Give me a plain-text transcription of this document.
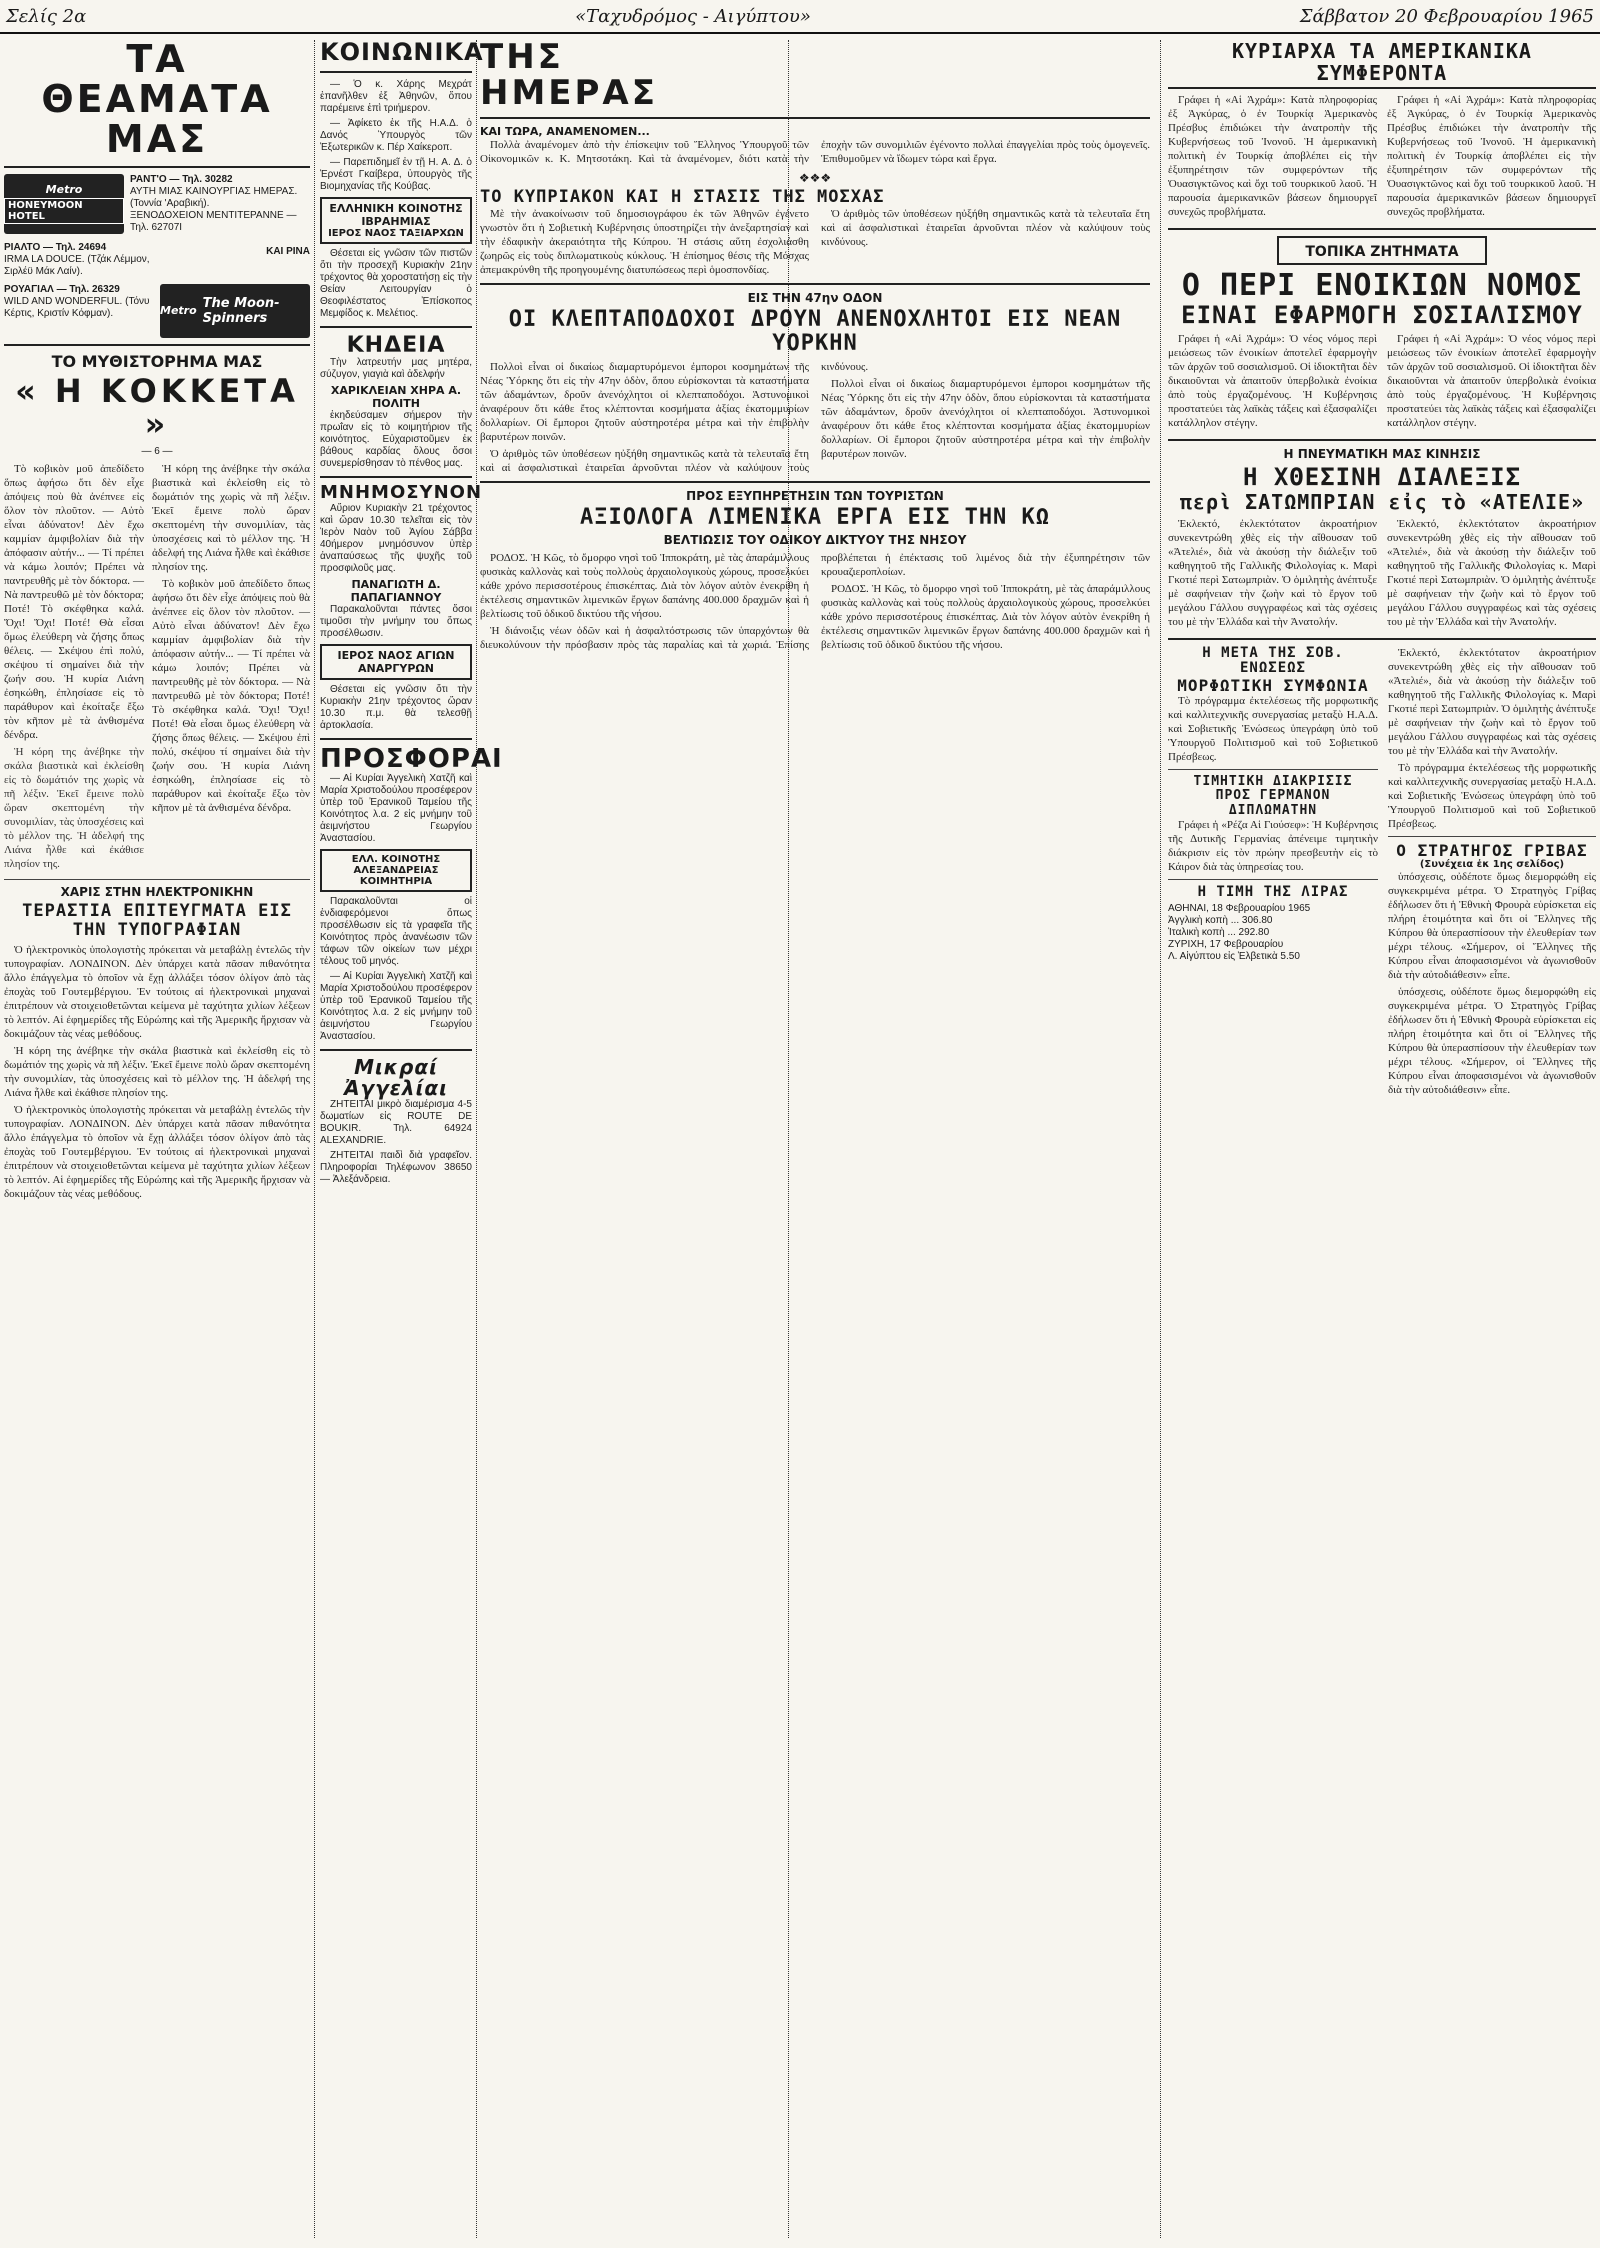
Σελίς 2α	«Ταχυδρόμος - Αιγύπτου»	Σάββατον 20 Φεβρουαρίου 1965
ΤΑ ΘΕΑΜΑΤΑ ΜΑΣ
Metro
HONEYMOON HOTEL
ΡΑΝΤ'Ο — Τηλ. 30282
ΑΥΤΗ ΜΙΑΣ ΚΑΙΝΟΥΡΓΙΑΣ ΗΜΕΡΑΣ. (Τοννία 'Αραβική).
ΞΕΝΟΔΟΧΕΙΟΝ ΜΕΝΤΙΤΕΡΑΝΝΕ — Τηλ. 62707Ι
ΡΙΑΛΤΟ — Τηλ. 24694
IRMA LA DOUCE. (Τζάκ Λέμμον, Σιρλέϋ Μάκ Λαίν).
ΚΑΙ ΡΙΝΑ
ΡΟΥΑΓΙΑΛ — Τηλ. 26329
WILD AND WONDERFUL. (Τόνυ Κέρτις, Κριστίν Κόφμαν).	Metro The Moon-Spinners
ΤΟ ΜΥΘΙΣΤΟΡΗΜΑ ΜΑΣ
« Η ΚΟΚΚΕΤΑ »
— 6 —

Τὸ κοβικὸν μοῦ ἀπεδίδετο ὅπως ἀφήσω ὅτι δὲν εἶχε ἀπόψεις ποὺ θὰ ἀνέπνεε εἰς ὅλον τὸν πλοῦτον. — Αὐτὸ εἶναι ἀδύνατον! Δὲν ἔχω καμμίαν ἀμφιβολίαν διὰ τὴν ἀπόφασιν αὐτήν... — Τί πρέπει νὰ κάμω λοιπόν; Πρέπει νὰ παντρευθῆς μὲ τὸν δόκτορα. — Νὰ παντρευθῶ μὲ τὸν δόκτορα; Ποτέ! Τὸ σκέφθηκα καλά. Ὄχι! Ὄχι! Ποτέ! Θὰ εἶσαι ὅμως ἐλεύθερη νὰ ζήσης ὅπως θέλεις. — Σκέψου ἐπὶ πολύ, σκέψου τί σημαίνει διὰ τὴν ζωήν σου. Ἡ κυρία Λιάνη ἐσηκώθη, ἐπλησίασε εἰς τὸ παράθυρον καὶ ἐκοίταξε ἔξω τὸν κῆπον μὲ τὰ ἀνθισμένα δένδρα.

Ἡ κόρη της ἀνέβηκε τὴν σκάλα βιαστικὰ καὶ ἐκλείσθη εἰς τὸ δωμάτιόν της χωρὶς νὰ πῆ λέξιν. Ἐκεῖ ἔμεινε πολὺ ὥραν σκεπτομένη τὴν συνομιλίαν, τὰς ὑποσχέσεις καὶ τὸ μέλλον της. Ἡ ἀδελφή της Λιάνα ἦλθε καὶ ἐκάθισε πλησίον της.

Ἡ κόρη της ἀνέβηκε τὴν σκάλα βιαστικὰ καὶ ἐκλείσθη εἰς τὸ δωμάτιόν της χωρὶς νὰ πῆ λέξιν. Ἐκεῖ ἔμεινε πολὺ ὥραν σκεπτομένη τὴν συνομιλίαν, τὰς ὑποσχέσεις καὶ τὸ μέλλον της. Ἡ ἀδελφή της Λιάνα ἦλθε καὶ ἐκάθισε πλησίον της.

Τὸ κοβικὸν μοῦ ἀπεδίδετο ὅπως ἀφήσω ὅτι δὲν εἶχε ἀπόψεις ποὺ θὰ ἀνέπνεε εἰς ὅλον τὸν πλοῦτον. — Αὐτὸ εἶναι ἀδύνατον! Δὲν ἔχω καμμίαν ἀμφιβολίαν διὰ τὴν ἀπόφασιν αὐτήν... — Τί πρέπει νὰ κάμω λοιπόν; Πρέπει νὰ παντρευθῆς μὲ τὸν δόκτορα. — Νὰ παντρευθῶ μὲ τὸν δόκτορα; Ποτέ! Τὸ σκέφθηκα καλά. Ὄχι! Ὄχι! Ποτέ! Θὰ εἶσαι ὅμως ἐλεύθερη νὰ ζήσης ὅπως θέλεις. — Σκέψου ἐπὶ πολύ, σκέψου τί σημαίνει διὰ τὴν ζωήν σου. Ἡ κυρία Λιάνη ἐσηκώθη, ἐπλησίασε εἰς τὸ παράθυρον καὶ ἐκοίταξε ἔξω τὸν κῆπον μὲ τὰ ἀνθισμένα δένδρα.

ΧΑΡΙΣ ΣΤΗΝ ΗΛΕΚΤΡΟΝΙΚΗΝ
ΤΕΡΑΣΤΙΑ ΕΠΙΤΕΥΓΜΑΤΑ ΕΙΣ ΤΗΝ ΤΥΠΟΓΡΑΦΙΑΝ

Ὁ ἠλεκτρονικὸς ὑπολογιστὴς πρόκειται νὰ μεταβάλῃ ἐντελῶς τὴν τυπογραφίαν. ΛΟΝΔΙΝΟΝ. Δὲν ὑπάρχει κατὰ πᾶσαν πιθανότητα ἄλλο ἐπάγγελμα τὸ ὁποῖον νὰ ἔχῃ ἀλλάξει τόσον ὀλίγον ἀπὸ τὰς ἐποχὰς τοῦ Γουτεμβέργιου. Ἐν τούτοις αἱ ἠλεκτρονικαὶ μηχαναὶ ἐπιτρέπουν νὰ στοιχειοθετῶνται κείμενα μὲ ταχύτητα χιλίων λέξεων τὸ λεπτόν. Αἱ ἐφημερίδες τῆς Εὐρώπης καὶ τῆς Ἀμερικῆς ἤρχισαν νὰ δοκιμάζουν τὰς νέας μεθόδους.

Ἡ κόρη της ἀνέβηκε τὴν σκάλα βιαστικὰ καὶ ἐκλείσθη εἰς τὸ δωμάτιόν της χωρὶς νὰ πῆ λέξιν. Ἐκεῖ ἔμεινε πολὺ ὥραν σκεπτομένη τὴν συνομιλίαν, τὰς ὑποσχέσεις καὶ τὸ μέλλον της. Ἡ ἀδελφή της Λιάνα ἦλθε καὶ ἐκάθισε πλησίον της.

Ὁ ἠλεκτρονικὸς ὑπολογιστὴς πρόκειται νὰ μεταβάλῃ ἐντελῶς τὴν τυπογραφίαν. ΛΟΝΔΙΝΟΝ. Δὲν ὑπάρχει κατὰ πᾶσαν πιθανότητα ἄλλο ἐπάγγελμα τὸ ὁποῖον νὰ ἔχῃ ἀλλάξει τόσον ὀλίγον ἀπὸ τὰς ἐποχὰς τοῦ Γουτεμβέργιου. Ἐν τούτοις αἱ ἠλεκτρονικαὶ μηχαναὶ ἐπιτρέπουν νὰ στοιχειοθετῶνται κείμενα μὲ ταχύτητα χιλίων λέξεων τὸ λεπτόν. Αἱ ἐφημερίδες τῆς Εὐρώπης καὶ τῆς Ἀμερικῆς ἤρχισαν νὰ δοκιμάζουν τὰς νέας μεθόδους.

ΚΟΙΝΩΝΙΚΑ

— Ὁ κ. Χάρης Μεχράτ ἐπανῆλθεν ἐξ Ἀθηνῶν, ὅπου παρέμεινε ἐπὶ τριήμερον.

— Ἀφίκετο ἐκ τῆς Η.Α.Δ. ὁ Δανός Ὑπουργὸς τῶν Ἐξωτερικῶν κ. Πέρ Χαίκεροπ.

— Παρεπιδημεῖ ἐν τῇ Η. Α. Δ. ὁ Ἐρνέστ Γκαίβερα, ὑπουργὸς τῆς Βιομηχανίας τῆς Κούβας.

ΕΛΛΗΝΙΚΗ ΚΟΙΝΟΤΗΣ ΙΒΡΑΗΜΙΑΣ
ΙΕΡΟΣ ΝΑΟΣ ΤΑΞΙΑΡΧΩΝ

Θέσεται εἰς γνῶσιν τῶν πιστῶν ὅτι τὴν προσεχῆ Κυριακὴν 21ην τρέχοντος θὰ χοροστατήσῃ εἰς τὴν Θείαν Λειτουργίαν ὁ Θεοφιλέστατος Ἐπίσκοπος Μεμφίδος κ. Μελέτιος.

ΚΗΔΕΙΑ

Τὴν λατρευτήν μας μητέρα, σύζυγον, γιαγιὰ καὶ ἀδελφήν

ΧΑΡΙΚΛΕΙΑΝ ΧΗΡΑ Α. ΠΟΛΙΤΗ

ἐκηδεύσαμεν σήμερον τὴν πρωΐαν εἰς τὸ κοιμητήριον τῆς κοινότητος. Εὐχαριστοῦμεν ἐκ βάθους καρδίας ὅλους ὅσοι συνεμερίσθησαν τὸ πένθος μας.

ΜΝΗΜΟΣΥΝΟΝ

Αὔριον Κυριακὴν 21 τρέχοντος καὶ ὥραν 10.30 τελεῖται εἰς τὸν Ἱερὸν Ναὸν τοῦ Ἁγίου Σάββα 40ήμερον μνημόσυνον ὑπὲρ ἀναπαύσεως τῆς ψυχῆς τοῦ προσφιλοῦς μας.

ΠΑΝΑΓΙΩΤΗ Δ. ΠΑΠΑΓΙΑΝΝΟΥ

Παρακαλοῦνται πάντες ὅσοι τιμοῦσι τὴν μνήμην του ὅπως προσέλθωσιν.

ΙΕΡΟΣ ΝΑΟΣ ΑΓΙΩΝ ΑΝΑΡΓΥΡΩΝ

Θέσεται εἰς γνῶσιν ὅτι τὴν Κυριακὴν 21ην τρέχοντος ὥραν 10.30 π.μ. θὰ τελεσθῇ ἀρτοκλασία.

ΠΡΟΣΦΟΡΑΙ

— Αἱ Κυρίαι Ἀγγελικὴ Χατζῆ καὶ Μαρία Χριστοδούλου προσέφερον ὑπὲρ τοῦ Ἐρανικοῦ Ταμείου τῆς Κοινότητος λ.α. 2 εἰς μνήμην τοῦ ἀειμνήστου Γεωργίου Ἀναστασίου.

ΕΛΛ. ΚΟΙΝΟΤΗΣ ΑΛΕΞΑΝΔΡΕΙΑΣ
ΚΟΙΜΗΤΗΡΙΑ

Παρακαλοῦνται οἱ ἐνδιαφερόμενοι ὅπως προσέλθωσιν εἰς τὰ γραφεῖα τῆς Κοινότητος πρὸς ἀνανέωσιν τῶν τάφων τῶν οἰκείων των μέχρι τέλους τοῦ μηνός.

— Αἱ Κυρίαι Ἀγγελικὴ Χατζῆ καὶ Μαρία Χριστοδούλου προσέφερον ὑπὲρ τοῦ Ἐρανικοῦ Ταμείου τῆς Κοινότητος λ.α. 2 εἰς μνήμην τοῦ ἀειμνήστου Γεωργίου Ἀναστασίου.

Μικραί Ἀγγελίαι

ΖΗΤΕΙΤΑΙ μικρὸ διαμέρισμα 4-5 δωματίων εἰς ROUTE DE BOUKIR. Τηλ. 64924 ALEXANDRIE.

ΖΗΤΕΙΤΑΙ παιδὶ διὰ γραφεῖον. Πληροφορίαι Τηλέφωνον 38650 — Ἀλεξάνδρεια.

ΤΗΣ ΗΜΕΡΑΣ
ΚΑΙ ΤΩΡΑ, ΑΝΑΜΕΝΟΜΕΝ...

Πολλὰ ἀναμένομεν ἀπὸ τὴν ἐπίσκεψιν τοῦ Ἕλληνος Ὑπουργοῦ τῶν Οἰκονομικῶν κ. Κ. Μητσοτάκη. Καὶ τὰ ἀναμένομεν, διότι κατὰ τὴν ἐποχὴν τῶν συνομιλιῶν ἐγένοντο πολλαὶ ἐπαγγελίαι πρὸς τοὺς ὁμογενεῖς. Ἐπιθυμοῦμεν νὰ ἴδωμεν τώρα καὶ ἔργα.

❖❖❖
ΤΟ ΚΥΠΡΙΑΚΟΝ ΚΑΙ Η ΣΤΑΣΙΣ ΤΗΣ ΜΟΣΧΑΣ

Μὲ τὴν ἀνακοίνωσιν τοῦ δημοσιογράφου ἐκ τῶν Ἀθηνῶν ἐγένετο γνωστὸν ὅτι ἡ Σοβιετικὴ Κυβέρνησις ὑποστηρίζει τὴν ἀνεξαρτησίαν καὶ τὴν ἐδαφικὴν ἀκεραιότητα τῆς Κύπρου. Ἡ στάσις αὕτη ἐσχολιάσθη ζωηρῶς εἰς τοὺς διπλωματικοὺς κύκλους. Ἡ ἐπίσημος θέσις τῆς Μόσχας ἀπεμακρύνθη τῆς προηγουμένης διατυπώσεως περὶ ὁμοσπονδίας.

Ὁ ἀριθμὸς τῶν ὑποθέσεων ηὐξήθη σημαντικῶς κατὰ τὰ τελευταῖα ἔτη καὶ αἱ ἀσφαλιστικαὶ ἑταιρεῖαι ἀρνοῦνται πλέον νὰ καλύψουν τοὺς κινδύνους.

ΕΙΣ ΤΗΝ 47ην ΟΔΟΝ
ΟΙ ΚΛΕΠΤΑΠΟΔΟΧΟΙ ΔΡΟΥΝ ΑΝΕΝΟΧΛΗΤΟΙ ΕΙΣ ΝΕΑΝ ΥΟΡΚΗΝ

Πολλοὶ εἶναι οἱ δικαίως διαμαρτυρόμενοι ἐμποροι κοσμημάτων τῆς Νέας Ὑόρκης ὅτι εἰς τὴν 47ην ὁδὸν, ὅπου εὑρίσκονται τὰ καταστήματα τῶν ἀδαμάντων, δροῦν ἀνενόχλητοι οἱ κλεπταποδόχοι. Ἀστυνομικοὶ ἀναφέρουν ὅτι κάθε ἔτος κλέπτονται κοσμήματα ἀξίας ἑκατομμυρίων δολλαρίων. Οἱ ἔμποροι ζητοῦν αὐστηροτέρα μέτρα καὶ τὴν ἐπιβολὴν βαρυτέρων ποινῶν.

Ὁ ἀριθμὸς τῶν ὑποθέσεων ηὐξήθη σημαντικῶς κατὰ τὰ τελευταῖα ἔτη καὶ αἱ ἀσφαλιστικαὶ ἑταιρεῖαι ἀρνοῦνται πλέον νὰ καλύψουν τοὺς κινδύνους.

Πολλοὶ εἶναι οἱ δικαίως διαμαρτυρόμενοι ἐμποροι κοσμημάτων τῆς Νέας Ὑόρκης ὅτι εἰς τὴν 47ην ὁδὸν, ὅπου εὑρίσκονται τὰ καταστήματα τῶν ἀδαμάντων, δροῦν ἀνενόχλητοι οἱ κλεπταποδόχοι. Ἀστυνομικοὶ ἀναφέρουν ὅτι κάθε ἔτος κλέπτονται κοσμήματα ἀξίας ἑκατομμυρίων δολλαρίων. Οἱ ἔμποροι ζητοῦν αὐστηροτέρα μέτρα καὶ τὴν ἐπιβολὴν βαρυτέρων ποινῶν.

ΠΡΟΣ ΕΞΥΠΗΡΕΤΗΣΙΝ ΤΩΝ ΤΟΥΡΙΣΤΩΝ
ΑΞΙΟΛΟΓΑ ΛΙΜΕΝΙΚΑ ΕΡΓΑ ΕΙΣ ΤΗΝ ΚΩ
ΒΕΛΤΙΩΣΙΣ ΤΟΥ ΟΔΙΚΟΥ ΔΙΚΤΥΟΥ ΤΗΣ ΝΗΣΟΥ

ΡΟΔΟΣ. Ἡ Κῶς, τὸ ὄμορφο νησὶ τοῦ Ἱπποκράτη, μὲ τὰς ἀπαράμιλλους φυσικὰς καλλονὰς καὶ τοὺς πολλοὺς ἀρχαιολογικοὺς χώρους, προσελκύει κάθε χρόνο περισσοτέρους ἐπισκέπτας. Διὰ τὸν λόγον αὐτὸν ἐνεκρίθη ἡ ἐκτέλεσις σημαντικῶν λιμενικῶν ἔργων δαπάνης 400.000 δραχμῶν καὶ ἡ βελτίωσις τοῦ ὁδικοῦ δικτύου τῆς νήσου.

Ἡ διάνοιξις νέων ὁδῶν καὶ ἡ ἀσφαλτόστρωσις τῶν ὑπαρχόντων θὰ διευκολύνουν τὴν πρόσβασιν πρὸς τὰς παραλίας καὶ τὰ χωριά. Ἐπίσης προβλέπεται ἡ ἐπέκτασις τοῦ λιμένος διὰ τὴν ἐξυπηρέτησιν τῶν κρουαζιεροπλοίων.

ΡΟΔΟΣ. Ἡ Κῶς, τὸ ὄμορφο νησὶ τοῦ Ἱπποκράτη, μὲ τὰς ἀπαράμιλλους φυσικὰς καλλονὰς καὶ τοὺς πολλοὺς ἀρχαιολογικοὺς χώρους, προσελκύει κάθε χρόνο περισσοτέρους ἐπισκέπτας. Διὰ τὸν λόγον αὐτὸν ἐνεκρίθη ἡ ἐκτέλεσις σημαντικῶν λιμενικῶν ἔργων δαπάνης 400.000 δραχμῶν καὶ ἡ βελτίωσις τοῦ ὁδικοῦ δικτύου τῆς νήσου.

ΚΥΡΙΑΡΧΑ ΤΑ ΑΜΕΡΙΚΑΝΙΚΑ ΣΥΜΦΕΡΟΝΤΑ

Γράφει ἡ «Αἱ Ἀχράμ»: Κατὰ πληροφορίας ἐξ Ἀγκύρας, ὁ ἐν Τουρκίᾳ Ἀμερικανὸς Πρέσβυς ἐπιδιώκει τὴν ἀνατροπὴν τῆς Κυβερνήσεως τοῦ Ἰνονοῦ. Ἡ ἀμερικανικὴ πολιτικὴ ἐν Τουρκίᾳ ἀποβλέπει εἰς τὴν ἐξυπηρέτησιν τῶν συμφερόντων τῆς Ὀυασιγκτῶνος καὶ ὄχι τοῦ τουρκικοῦ λαοῦ. Ἡ παρουσία ἀμερικανικῶν βάσεων δημιουργεῖ συνεχῶς προβλήματα.

Γράφει ἡ «Αἱ Ἀχράμ»: Κατὰ πληροφορίας ἐξ Ἀγκύρας, ὁ ἐν Τουρκίᾳ Ἀμερικανὸς Πρέσβυς ἐπιδιώκει τὴν ἀνατροπὴν τῆς Κυβερνήσεως τοῦ Ἰνονοῦ. Ἡ ἀμερικανικὴ πολιτικὴ ἐν Τουρκίᾳ ἀποβλέπει εἰς τὴν ἐξυπηρέτησιν τῶν συμφερόντων τῆς Ὀυασιγκτῶνος καὶ ὄχι τοῦ τουρκικοῦ λαοῦ. Ἡ παρουσία ἀμερικανικῶν βάσεων δημιουργεῖ συνεχῶς προβλήματα.

ΤΟΠΙΚΑ ΖΗΤΗΜΑΤΑ
Ο ΠΕΡΙ ΕΝΟΙΚΙΩΝ ΝΟΜΟΣ
ΕΙΝΑΙ ΕΦΑΡΜΟΓΗ ΣΟΣΙΑΛΙΣΜΟΥ

Γράφει ἡ «Αἱ Ἀχράμ»: Ὁ νέος νόμος περὶ μειώσεως τῶν ἐνοικίων ἀποτελεῖ ἐφαρμογὴν τῶν ἀρχῶν τοῦ σοσιαλισμοῦ. Οἱ ἰδιοκτῆται δὲν δικαιοῦνται νὰ ἀπαιτοῦν ὑπερβολικὰ ἐνοίκια ἀπὸ τοὺς ἐργαζομένους. Ἡ Κυβέρνησις προστατεύει τὰς λαϊκὰς τάξεις καὶ ἐξασφαλίζει κατάλληλον στέγην.

Γράφει ἡ «Αἱ Ἀχράμ»: Ὁ νέος νόμος περὶ μειώσεως τῶν ἐνοικίων ἀποτελεῖ ἐφαρμογὴν τῶν ἀρχῶν τοῦ σοσιαλισμοῦ. Οἱ ἰδιοκτῆται δὲν δικαιοῦνται νὰ ἀπαιτοῦν ὑπερβολικὰ ἐνοίκια ἀπὸ τοὺς ἐργαζομένους. Ἡ Κυβέρνησις προστατεύει τὰς λαϊκὰς τάξεις καὶ ἐξασφαλίζει κατάλληλον στέγην.

Η ΠΝΕΥΜΑΤΙΚΗ ΜΑΣ ΚΙΝΗΣΙΣ
Η ΧΘΕΣΙΝΗ ΔΙΑΛΕΞΙΣ
περὶ ΣΑΤΩΜΠΡΙΑΝ εἰς τὸ «ΑΤΕΛΙΕ»

Ἐκλεκτό, ἐκλεκτότατον ἀκροατήριον συνεκεντρώθη χθὲς εἰς τὴν αἴθουσαν τοῦ «Ἀτελιέ», διὰ νὰ ἀκούσῃ τὴν διάλεξιν τοῦ καθηγητοῦ τῆς Γαλλικῆς Φιλολογίας κ. Μαρὶ Γκοτιέ περὶ Σατωμπριὰν. Ὁ ὁμιλητὴς ἀνέπτυξε μὲ σαφήνειαν τὴν ζωὴν καὶ τὸ ἔργον τοῦ μεγάλου Γάλλου συγγραφέως καὶ τὰς σχέσεις του μὲ τὴν Ἑλλάδα καὶ τὴν Ἀνατολήν.

Ἐκλεκτό, ἐκλεκτότατον ἀκροατήριον συνεκεντρώθη χθὲς εἰς τὴν αἴθουσαν τοῦ «Ἀτελιέ», διὰ νὰ ἀκούσῃ τὴν διάλεξιν τοῦ καθηγητοῦ τῆς Γαλλικῆς Φιλολογίας κ. Μαρὶ Γκοτιέ περὶ Σατωμπριὰν. Ὁ ὁμιλητὴς ἀνέπτυξε μὲ σαφήνειαν τὴν ζωὴν καὶ τὸ ἔργον τοῦ μεγάλου Γάλλου συγγραφέως καὶ τὰς σχέσεις του μὲ τὴν Ἑλλάδα καὶ τὴν Ἀνατολήν.

Η ΜΕΤΑ ΤΗΣ ΣΟΒ. ΕΝΩΣΕΩΣ
ΜΟΡΦΩΤΙΚΗ ΣΥΜΦΩΝΙΑ

Τὸ πρόγραμμα ἐκτελέσεως τῆς μορφωτικῆς καὶ καλλιτεχνικῆς συνεργασίας μεταξὺ Η.Α.Δ. καὶ Σοβιετικῆς Ἑνώσεως ὑπεγράφη ὑπὸ τοῦ Ὑπουργοῦ Πολιτισμοῦ καὶ τοῦ Σοβιετικοῦ Πρέσβεως.

ΤΙΜΗΤΙΚΗ ΔΙΑΚΡΙΣΙΣ
ΠΡΟΣ ΓΕΡΜΑΝΟΝ ΔΙΠΛΩΜΑΤΗΝ

Γράφει ἡ «Ρέζα Αἱ Γιούσεφ»: Ἡ Κυβέρνησις τῆς Δυτικῆς Γερμανίας ἀπένειμε τιμητικὴν διάκρισιν εἰς τὸν πρώην πρεσβευτὴν εἰς τὸ Κάιρον διὰ τὰς ὑπηρεσίας του.

Η ΤΙΜΗ ΤΗΣ ΛΙΡΑΣ
ΑΘΗΝΑΙ, 18 Φεβρουαρίου 1965
Ἀγγλικὴ κοπὴ ... 306.80
Ἰταλικὴ κοπὴ ... 292.80
ΖΥΡΙΧΗ, 17 Φεβρουαρίου
Λ. Αἰγύπτου εἰς Ἑλβετικὰ 5.50

Ἐκλεκτό, ἐκλεκτότατον ἀκροατήριον συνεκεντρώθη χθὲς εἰς τὴν αἴθουσαν τοῦ «Ἀτελιέ», διὰ νὰ ἀκούσῃ τὴν διάλεξιν τοῦ καθηγητοῦ τῆς Γαλλικῆς Φιλολογίας κ. Μαρὶ Γκοτιέ περὶ Σατωμπριὰν. Ὁ ὁμιλητὴς ἀνέπτυξε μὲ σαφήνειαν τὴν ζωὴν καὶ τὸ ἔργον τοῦ μεγάλου Γάλλου συγγραφέως καὶ τὰς σχέσεις του μὲ τὴν Ἑλλάδα καὶ τὴν Ἀνατολήν.

Τὸ πρόγραμμα ἐκτελέσεως τῆς μορφωτικῆς καὶ καλλιτεχνικῆς συνεργασίας μεταξὺ Η.Α.Δ. καὶ Σοβιετικῆς Ἑνώσεως ὑπεγράφη ὑπὸ τοῦ Ὑπουργοῦ Πολιτισμοῦ καὶ τοῦ Σοβιετικοῦ Πρέσβεως.

Ο ΣΤΡΑΤΗΓΟΣ ΓΡΙΒΑΣ
(Συνέχεια ἐκ 1ης σελίδος)

ὑπόσχεσις, οὐδέποτε ὅμως διεμορφώθη εἰς συγκεκριμένα μέτρα. Ὁ Στρατηγὸς Γρίβας ἐδήλωσεν ὅτι ἡ Ἐθνικὴ Φρουρὰ εὑρίσκεται εἰς πλήρη ἑτοιμότητα καὶ ὅτι οἱ Ἕλληνες τῆς Κύπρου θὰ ὑπερασπίσουν τὴν ἐλευθερίαν των μέχρι τέλους. «Σήμερον, οἱ Ἕλληνες τῆς Κύπρου εἶναι ἀποφασισμένοι νὰ ἀγωνισθοῦν διὰ τὴν αὐτοδιάθεσιν» εἶπε.

ὑπόσχεσις, οὐδέποτε ὅμως διεμορφώθη εἰς συγκεκριμένα μέτρα. Ὁ Στρατηγὸς Γρίβας ἐδήλωσεν ὅτι ἡ Ἐθνικὴ Φρουρὰ εὑρίσκεται εἰς πλήρη ἑτοιμότητα καὶ ὅτι οἱ Ἕλληνες τῆς Κύπρου θὰ ὑπερασπίσουν τὴν ἐλευθερίαν των μέχρι τέλους. «Σήμερον, οἱ Ἕλληνες τῆς Κύπρου εἶναι ἀποφασισμένοι νὰ ἀγωνισθοῦν διὰ τὴν αὐτοδιάθεσιν» εἶπε.
